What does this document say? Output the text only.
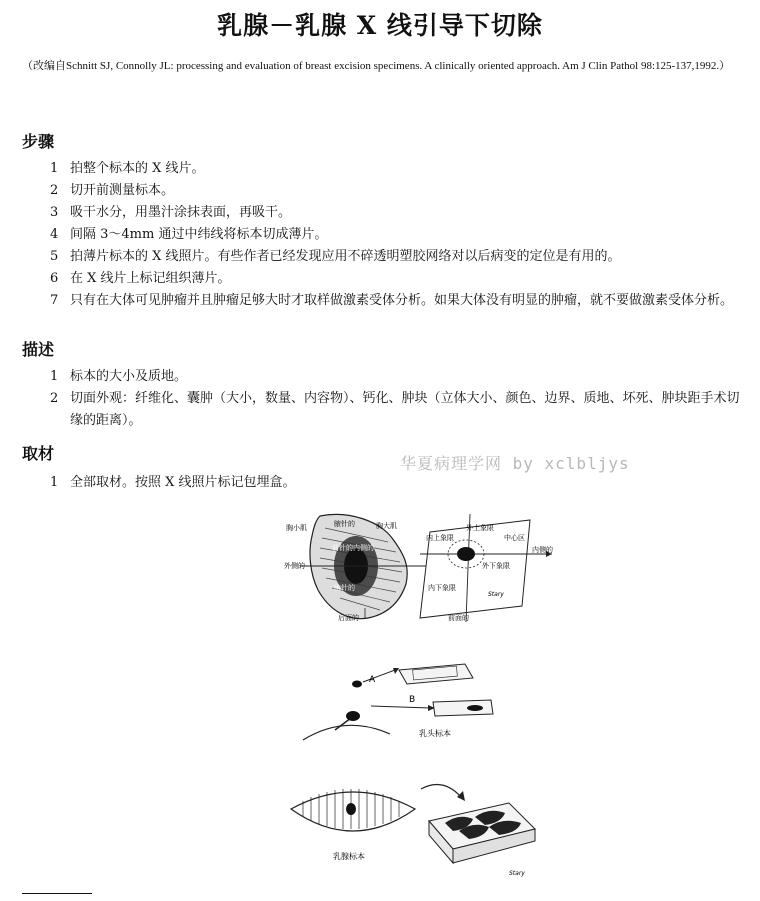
乳腺－乳腺 X 线引导下切除
（改编自Schnitt SJ, Connolly JL: processing and evaluation of breast excision specimens. A clinically oriented approach. Am J Clin Pathol 98:125-137,1992.）
步骤
1 拍整个标本的 X 线片。
2 切开前测量标本。
3 吸干水分，用墨汁涂抹表面，再吸干。
4 间隔 3～4mm 通过中纬线将标本切成薄片。
5 拍薄片标本的 X 线照片。有些作者已经发现应用不碎透明塑胶网络对以后病变的定位是有用的。
6 在 X 线片上标记组织薄片。
7 只有在大体可见肿瘤并且肿瘤足够大时才取样做激素受体分析。如果大体没有明显的肿瘤，就不要做激素受体分析。
描述
1 标本的大小及质地。
2 切面外观：纤维化、囊肿（大小，数量、内容物）、钙化、肿块（立体大小、颜色、边界、质地、坏死、肿块距手术切缘的距离）。
取材
1 全部取材。按照 X 线照片标记包埋盒。
华夏病理学网 by xclbljys
胸小肌	胸大肌
腋针的
前针的内侧的
外侧的
腋针的
后面的
外上象限
内上象限	中心区
内侧的
外下象限
内下象限
前面的
Stary
A
B
乳头标本
乳腺标本
Stary
